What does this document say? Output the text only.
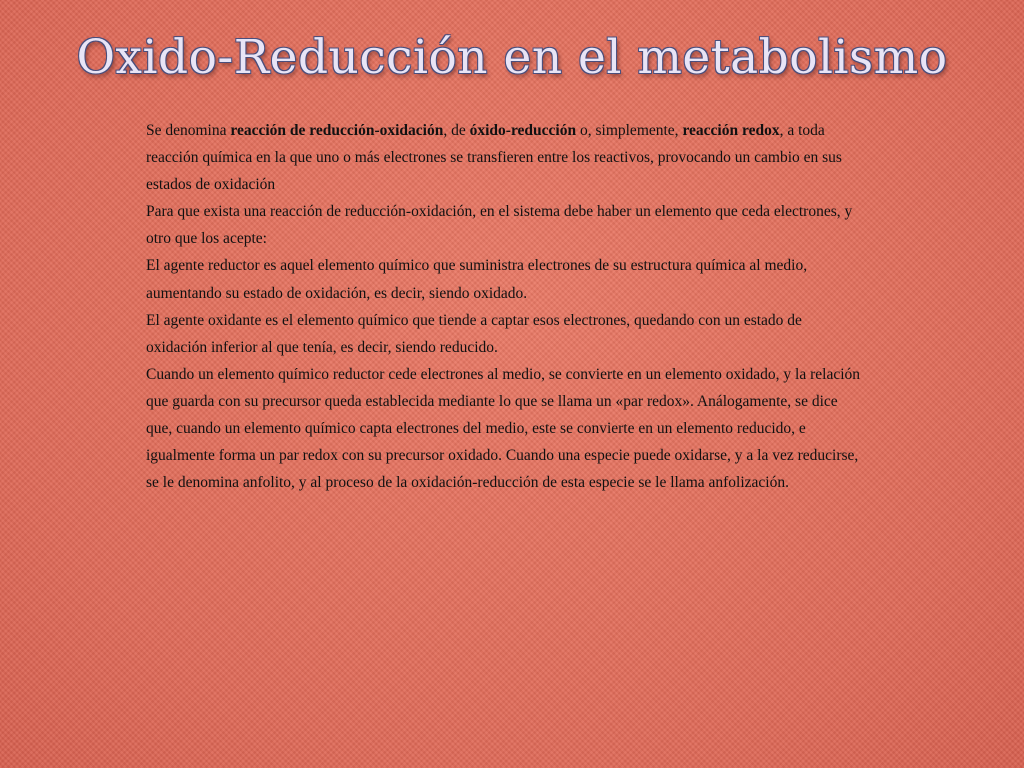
Oxido-Reducción en el metabolismo

Se denomina reacción de reducción-oxidación, de óxido-reducción o, simplemente, reacción redox, a toda reacción química en la que uno o más electrones se transfieren entre los reactivos, provocando un cambio en sus estados de oxidación

Para que exista una reacción de reducción-oxidación, en el sistema debe haber un elemento que ceda electrones, y otro que los acepte:

El agente reductor es aquel elemento químico que suministra electrones de su estructura química al medio, aumentando su estado de oxidación, es decir, siendo oxidado.

El agente oxidante es el elemento químico que tiende a captar esos electrones, quedando con un estado de oxidación inferior al que tenía, es decir, siendo reducido.

Cuando un elemento químico reductor cede electrones al medio, se convierte en un elemento oxidado, y la relación que guarda con su precursor queda establecida mediante lo que se llama un «par redox». Análogamente, se dice que, cuando un elemento químico capta electrones del medio, este se convierte en un elemento reducido, e igualmente forma un par redox con su precursor oxidado. Cuando una especie puede oxidarse, y a la vez reducirse, se le denomina anfolito, y al proceso de la oxidación-reducción de esta especie se le llama anfolización.
